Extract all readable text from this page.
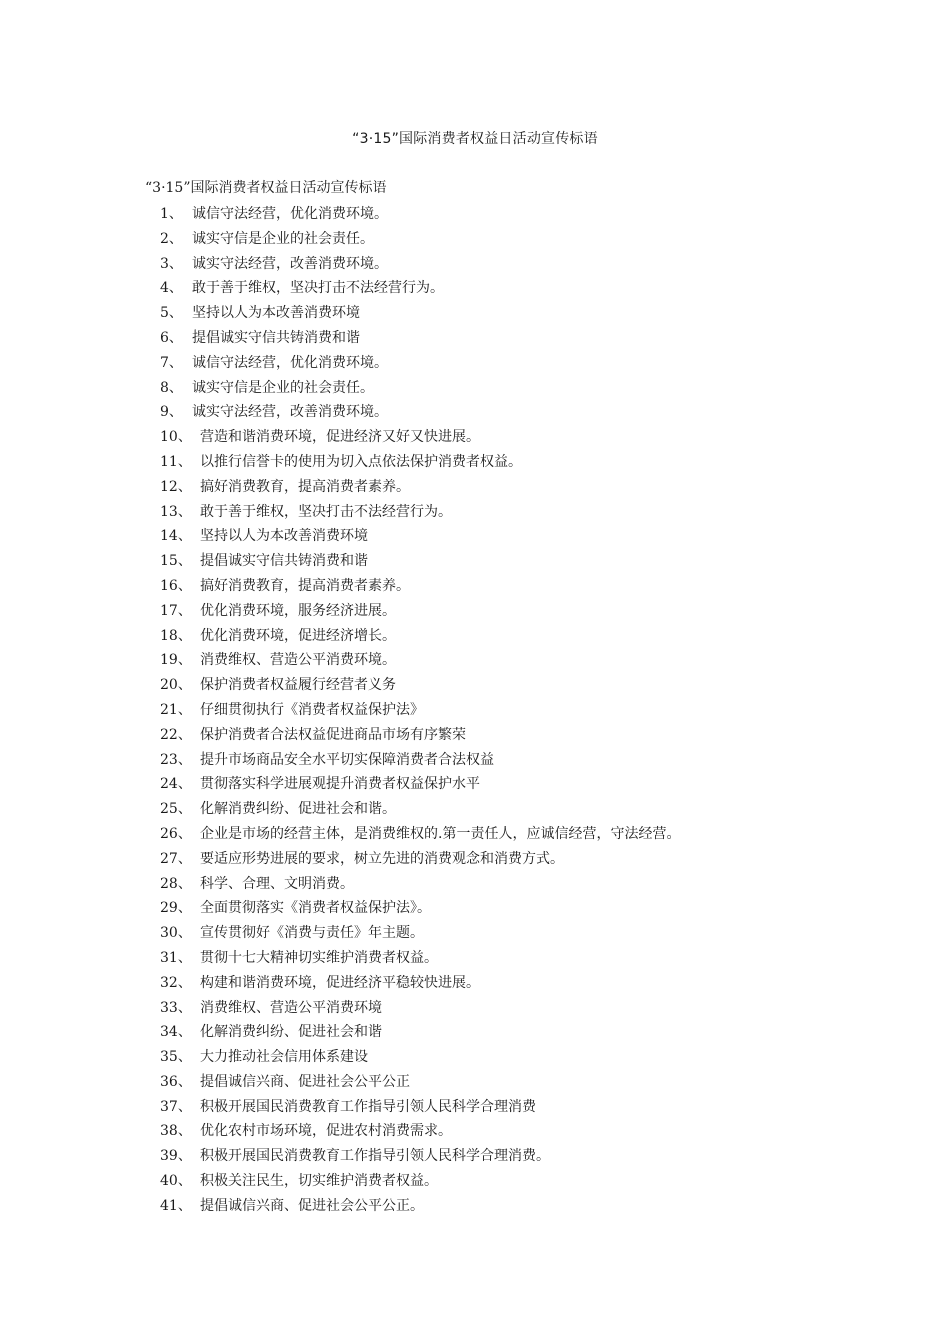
“3·15”国际消费者权益日活动宣传标语
“3·15”国际消费者权益日活动宣传标语
1、 诚信守法经营，优化消费环境。
2、 诚实守信是企业的社会责任。
3、 诚实守法经营，改善消费环境。
4、 敢于善于维权，坚决打击不法经营行为。
5、 坚持以人为本改善消费环境
6、 提倡诚实守信共铸消费和谐
7、 诚信守法经营，优化消费环境。
8、 诚实守信是企业的社会责任。
9、 诚实守法经营，改善消费环境。
10、 营造和谐消费环境，促进经济又好又快进展。
11、 以推行信誉卡的使用为切入点依法保护消费者权益。
12、 搞好消费教育，提高消费者素养。
13、 敢于善于维权，坚决打击不法经营行为。
14、 坚持以人为本改善消费环境
15、 提倡诚实守信共铸消费和谐
16、 搞好消费教育，提高消费者素养。
17、 优化消费环境，服务经济进展。
18、 优化消费环境，促进经济增长。
19、 消费维权、营造公平消费环境。
20、 保护消费者权益履行经营者义务
21、 仔细贯彻执行《消费者权益保护法》
22、 保护消费者合法权益促进商品市场有序繁荣
23、 提升市场商品安全水平切实保障消费者合法权益
24、 贯彻落实科学进展观提升消费者权益保护水平
25、 化解消费纠纷、促进社会和谐。
26、 企业是市场的经营主体，是消费维权的.第一责任人，应诚信经营，守法经营。
27、 要适应形势进展的要求，树立先进的消费观念和消费方式。
28、 科学、合理、文明消费。
29、 全面贯彻落实《消费者权益保护法》。
30、 宣传贯彻好《消费与责任》年主题。
31、 贯彻十七大精神切实维护消费者权益。
32、 构建和谐消费环境，促进经济平稳较快进展。
33、 消费维权、营造公平消费环境
34、 化解消费纠纷、促进社会和谐
35、 大力推动社会信用体系建设
36、 提倡诚信兴商、促进社会公平公正
37、 积极开展国民消费教育工作指导引领人民科学合理消费
38、 优化农村市场环境，促进农村消费需求。
39、 积极开展国民消费教育工作指导引领人民科学合理消费。
40、 积极关注民生，切实维护消费者权益。
41、 提倡诚信兴商、促进社会公平公正。
